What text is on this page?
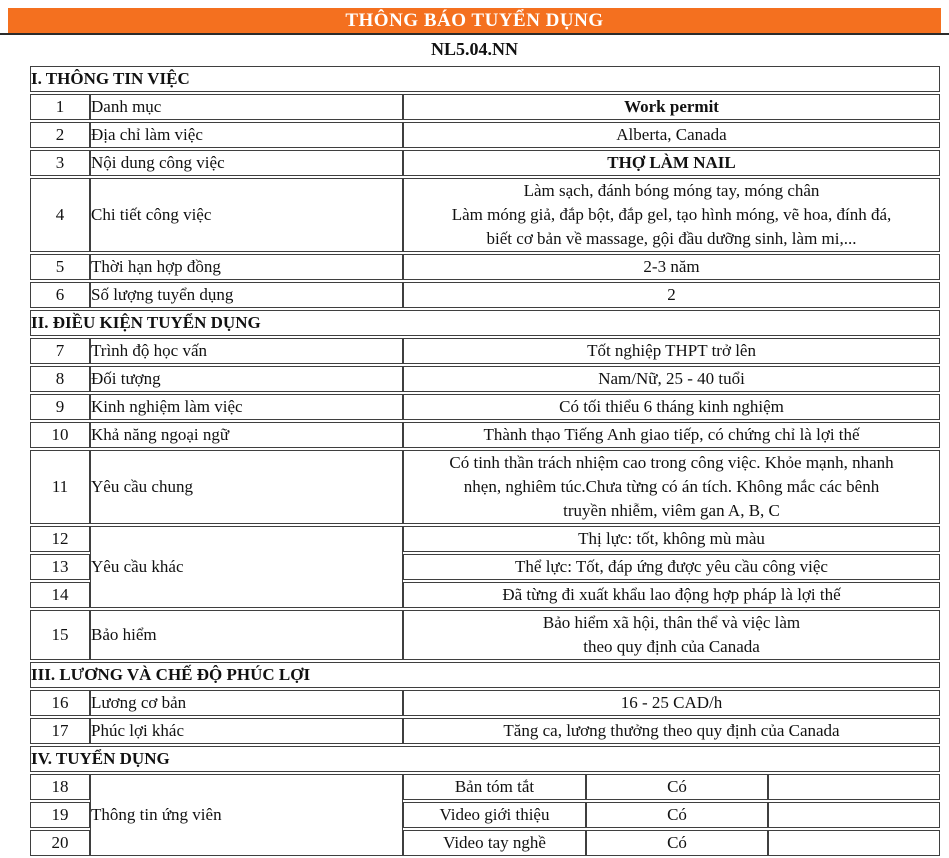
THÔNG BÁO TUYỂN DỤNG
NL5.04.NN
I. THÔNG TIN VIỆC				
1	Danh mục	Work permit		
2	Địa chỉ làm việc	Alberta, Canada		
3	Nội dung công việc	THỢ LÀM NAIL		
4	Chi tiết công việc	Làm sạch, đánh bóng móng tay, móng chân
Làm móng giả, đắp bột, đắp gel, tạo hình móng, vẽ hoa, đính đá,
biết cơ bản về massage, gội đầu dưỡng sinh, làm mi,...		

5	Thời hạn hợp đồng	2-3 năm		
6	Số lượng tuyển dụng	2		
II. ĐIỀU KIỆN TUYỂN DỤNG				
7	Trình độ học vấn	Tốt nghiệp THPT trở lên		
8	Đối tượng	Nam/Nữ, 25 - 40 tuổi		
9	Kinh nghiệm làm việc	Có tối thiểu 6 tháng kinh nghiệm		
10	Khả năng ngoại ngữ	Thành thạo Tiếng Anh giao tiếp, có chứng chỉ là lợi thế		
11	Yêu cầu chung	Có tinh thần trách nhiệm cao trong công việc. Khỏe mạnh, nhanh
nhẹn, nghiêm túc.Chưa từng có án tích. Không mắc các bênh
truyền nhiễm, viêm gan A, B, C		

12	Yêu cầu khác	Thị lực: tốt, không mù màu		
13		Thể lực: Tốt, đáp ứng được yêu cầu công việc		
14		Đã từng đi xuất khẩu lao động hợp pháp là lợi thế		
15	Bảo hiểm	Bảo hiểm xã hội, thân thể và việc làm
theo quy định của Canada		

III. LƯƠNG VÀ CHẾ ĐỘ PHÚC LỢI				
16	Lương cơ bản	16 - 25 CAD/h		
17	Phúc lợi khác	Tăng ca, lương thưởng theo quy định của Canada		
IV. TUYỂN DỤNG				
18	Thông tin ứng viên	Bản tóm tắt	Có	
19		Video giới thiệu	Có	
20		Video tay nghề	Có	
